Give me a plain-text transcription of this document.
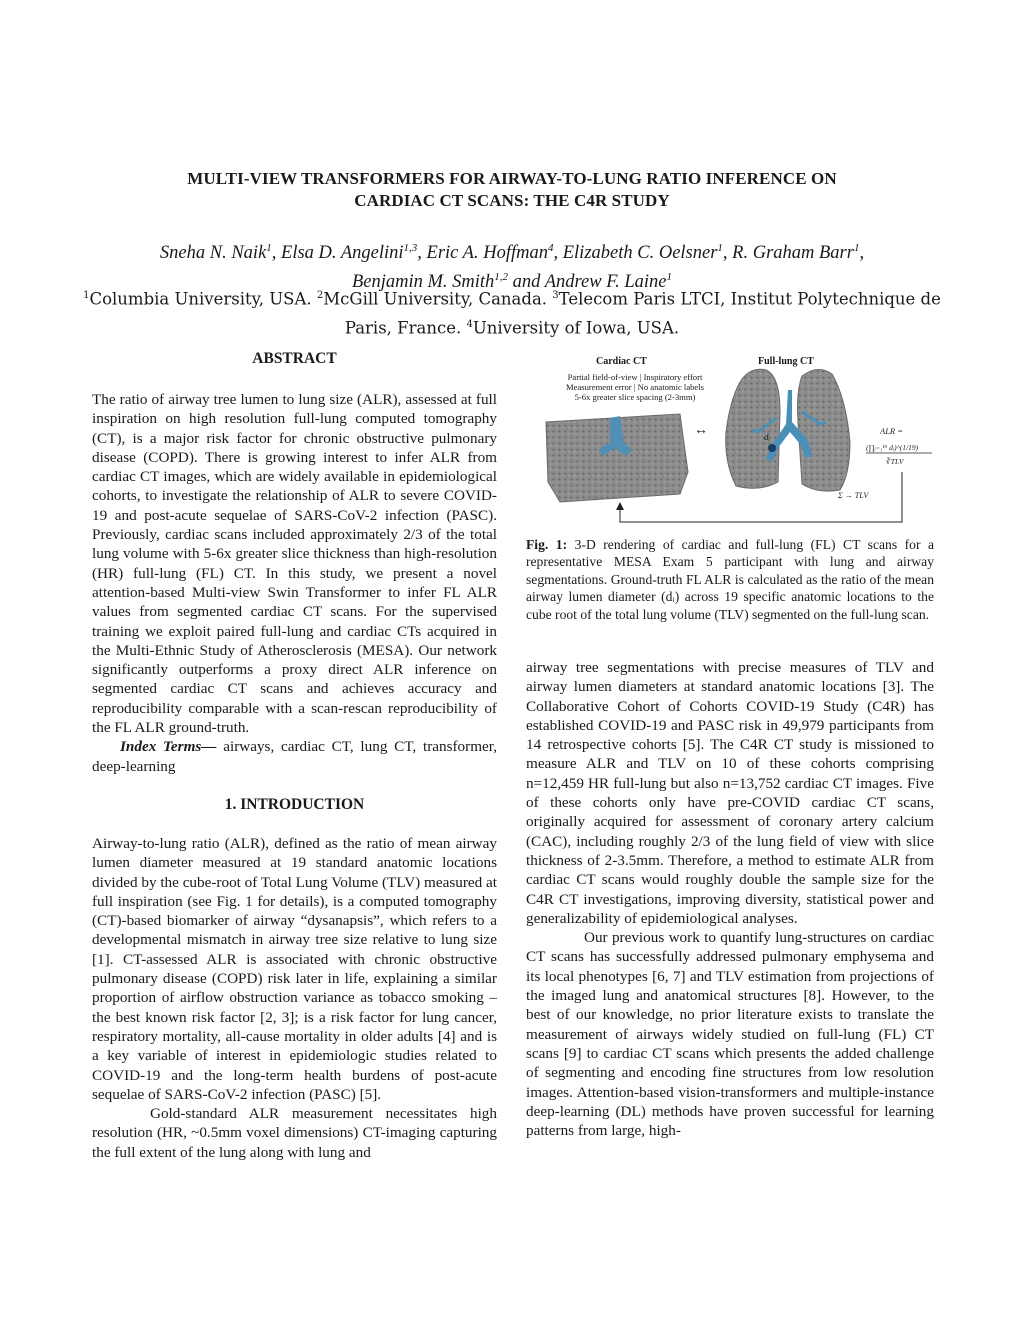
MULTI-VIEW TRANSFORMERS FOR AIRWAY-TO-LUNG RATIO INFERENCE ON
CARDIAC CT SCANS: THE C4R STUDY
Sneha N. Naik$^1$, Elsa D. Angelini$^{1,3}$, Eric A. Hoffman$^4$, Elizabeth C. Oelsner$^1$, R. Graham Barr$^1$,
Benjamin M. Smith$^{1,2}$ and Andrew F. Laine$^1$
$^1$Columbia University, USA. $^2$McGill University, Canada. $^3$Telecom Paris LTCI, Institut Polytechnique de Paris, France. $^4$University of Iowa, USA.
ABSTRACT

The ratio of airway tree lumen to lung size (ALR), assessed at full inspiration on high resolution full-lung computed tomography (CT), is a major risk factor for chronic obstructive pulmonary disease (COPD). There is growing interest to infer ALR from cardiac CT images, which are widely available in epidemiological cohorts, to investigate the relationship of ALR to severe COVID-19 and post-acute sequelae of SARS-CoV-2 infection (PASC). Previously, cardiac scans included approximately 2/3 of the total lung volume with 5-6x greater slice thickness than high-resolution (HR) full-lung (FL) CT. In this study, we present a novel attention-based Multi-view Swin Transformer to infer FL ALR values from segmented cardiac CT scans. For the supervised training we exploit paired full-lung and cardiac CTs acquired in the Multi-Ethnic Study of Atherosclerosis (MESA). Our network significantly outperforms a proxy direct ALR inference on segmented cardiac CT scans and achieves accuracy and reproducibility comparable with a scan-rescan reproducibility of the FL ALR ground-truth.

Index Terms— airways, cardiac CT, lung CT, transformer, deep-learning

1. INTRODUCTION

Airway-to-lung ratio (ALR), defined as the ratio of mean airway lumen diameter measured at 19 standard anatomic locations divided by the cube-root of Total Lung Volume (TLV) measured at full inspiration (see Fig. 1 for details), is a computed tomography (CT)-based biomarker of airway “dysanapsis”, which refers to a developmental mismatch in airway tree size relative to lung size [1]. CT-assessed ALR is associated with chronic obstructive pulmonary disease (COPD) risk later in life, explaining a similar proportion of airflow obstruction variance as tobacco smoking – the best known risk factor [2, 3]; is a risk factor for lung cancer, respiratory mortality, all-cause mortality in older adults [4] and is a key variable of interest in epidemiologic studies related to COVID-19 and the long-term health burdens of post-acute sequelae of SARS-CoV-2 infection (PASC) [5].

Gold-standard ALR measurement necessitates high resolution (HR, ~0.5mm voxel dimensions) CT-imaging capturing the full extent of the lung along with lung and

↔	dᵢ
ALR =
(∏ᵢ₌₁¹⁹ dᵢ)^(1/19)
∛TLV
Σ → TLV
Cardiac CT	Full-lung CT
Partial field-of-view | Inspiratory effort
Measurement error | No anatomic labels
5-6x greater slice spacing (2-3mm)

Fig. 1: 3-D rendering of cardiac and full-lung (FL) CT scans for a representative MESA Exam 5 participant with lung and airway segmentations. Ground-truth FL ALR is calculated as the ratio of the mean airway lumen diameter (dᵢ) across 19 specific anatomic locations to the cube root of the total lung volume (TLV) segmented on the full-lung scan.

airway tree segmentations with precise measures of TLV and airway lumen diameters at standard anatomic locations [3]. The Collaborative Cohort of Cohorts COVID-19 Study (C4R) has established COVID-19 and PASC risk in 49,979 participants from 14 retrospective cohorts [5]. The C4R CT study is missioned to measure ALR and TLV on 10 of these cohorts comprising n=12,459 HR full-lung but also n=13,752 cardiac CT images. Five of these cohorts only have pre-COVID cardiac CT scans, originally acquired for assessment of coronary artery calcium (CAC), including roughly 2/3 of the lung field of view with slice thickness of 2-3.5mm. Therefore, a method to estimate ALR from cardiac CT scans would roughly double the sample size for the C4R CT investigations, improving diversity, statistical power and generalizability of epidemiological analyses.

Our previous work to quantify lung-structures on cardiac CT scans has successfully addressed pulmonary emphysema and its local phenotypes [6, 7] and TLV estimation from projections of the imaged lung and anatomical structures [8]. However, to the best of our knowledge, no prior literature exists to translate the measurement of airways widely studied on full-lung (FL) CT scans [9] to cardiac CT scans which presents the added challenge of segmenting and encoding fine structures from low resolution images. Attention-based vision-transformers and multiple-instance deep-learning (DL) methods have proven successful for learning patterns from large, high-
